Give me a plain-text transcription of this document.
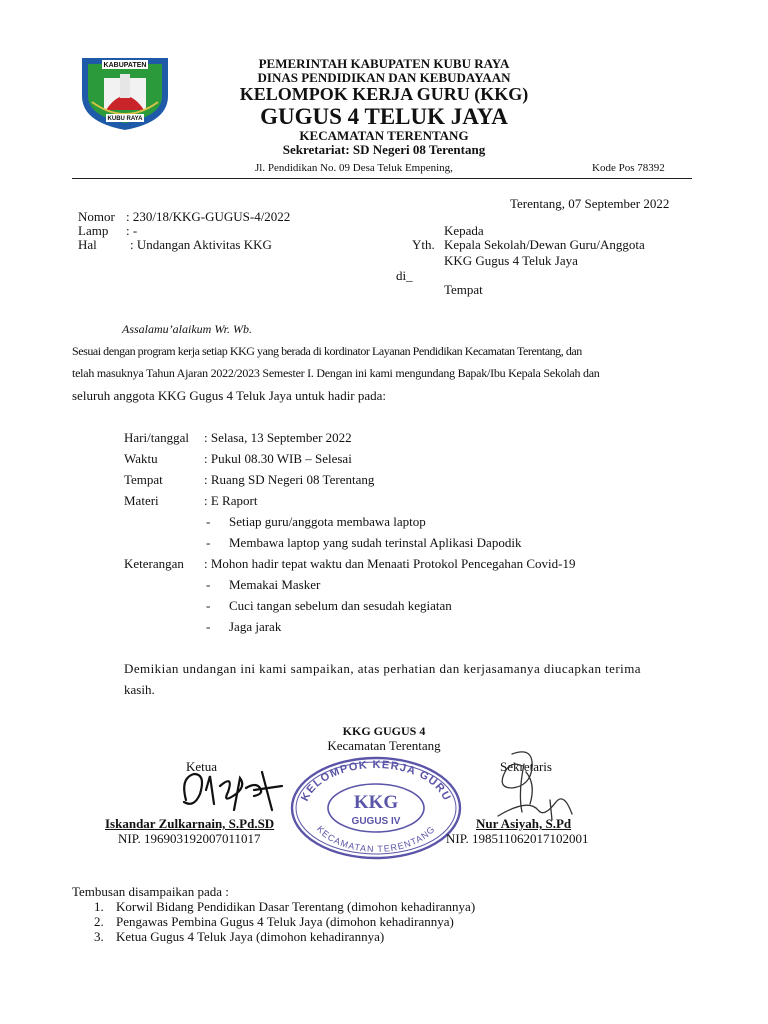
KABUPATEN
KUBU RAYA
PEMERINTAH KABUPATEN KUBU RAYA
DINAS PENDIDIKAN DAN KEBUDAYAAN
KELOMPOK KERJA GURU (KKG)
GUGUS 4 TELUK JAYA
KECAMATAN TERENTANG
Sekretariat: SD Negeri 08 Terentang
Jl. Pendidikan No. 09 Desa Teluk Empening,	Kode Pos 78392
Terentang, 07 September 2022
Nomor : 230/18/KKG-GUGUS-4/2022
Lamp : -
Hal	: Undangan Aktivitas KKG
Kepada
Yth. Kepala Sekolah/Dewan Guru/Anggota
KKG Gugus 4 Teluk Jaya
di_
Tempat
Assalamu’alaikum Wr. Wb.
Sesuai dengan program kerja setiap KKG yang berada di kordinator Layanan Pendidikan Kecamatan Terentang, dan
telah masuknya Tahun Ajaran 2022/2023 Semester I. Dengan ini kami mengundang Bapak/Ibu Kepala Sekolah dan
seluruh anggota KKG Gugus 4 Teluk Jaya untuk hadir pada:
Hari/tanggal : Selasa, 13 September 2022
Waktu	: Pukul 08.30 WIB – Selesai
Tempat	: Ruang SD Negeri 08 Terentang
Materi	: E Raport
- Setiap guru/anggota membawa laptop
- Membawa laptop yang sudah terinstal Aplikasi Dapodik
Keterangan : Mohon hadir tepat waktu dan Menaati Protokol Pencegahan Covid-19
- Memakai Masker
- Cuci tangan sebelum dan sesudah kegiatan
- Jaga jarak
Demikian undangan ini kami sampaikan, atas perhatian dan kerjasamanya diucapkan terima
kasih.
KKG GUGUS 4
Kecamatan Terentang
Ketua	Sekretaris
KELOMPOK KERJA GURU
KECAMATAN TERENTANG
KKG
GUGUS IV
Iskandar Zulkarnain, S.Pd.SD
NIP. 196903192007011017
Nur Asiyah, S.Pd
NIP. 198511062017102001
Tembusan disampaikan pada :
1. Korwil Bidang Pendidikan Dasar Terentang (dimohon kehadirannya)
2. Pengawas Pembina Gugus 4 Teluk Jaya (dimohon kehadirannya)
3. Ketua Gugus 4 Teluk Jaya (dimohon kehadirannya)
